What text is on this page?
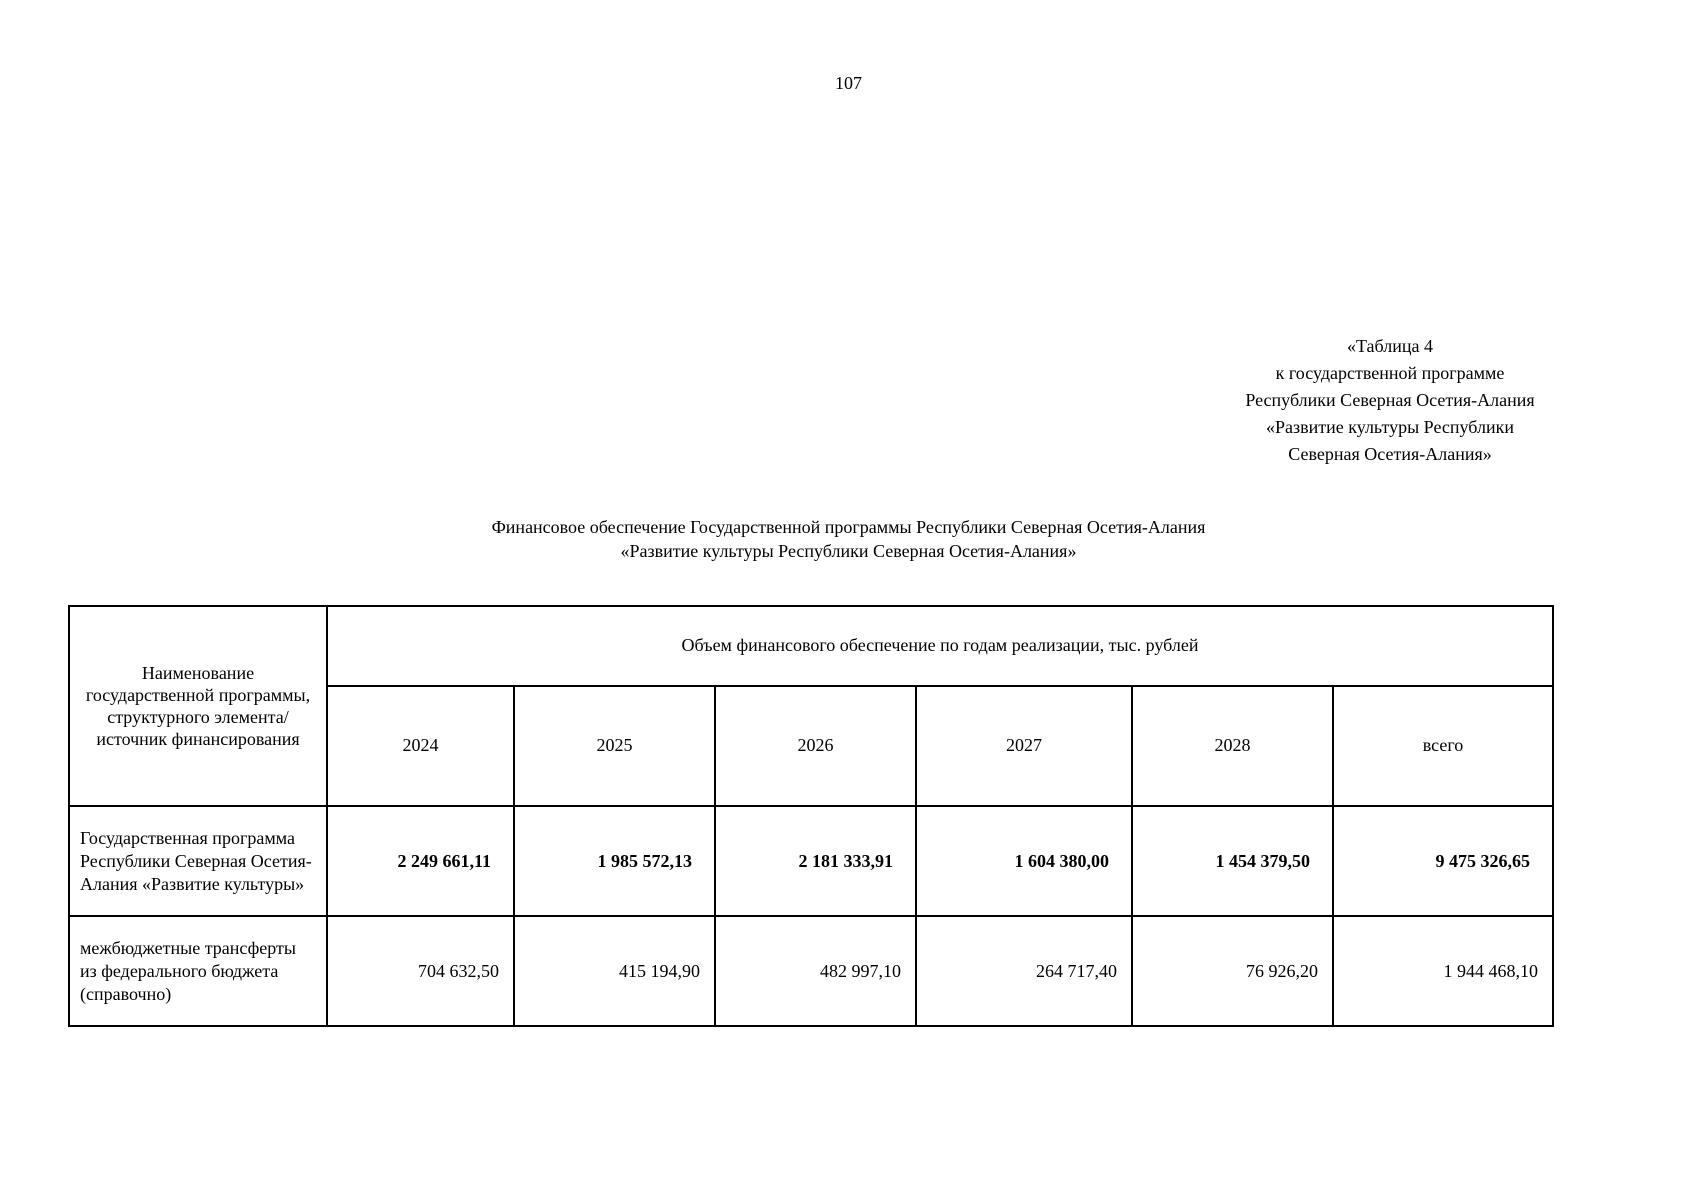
107
«Таблица 4
к государственной программе
Республики Северная Осетия-Алания
«Развитие культуры Республики
Северная Осетия-Алания»
Финансовое обеспечение Государственной программы Республики Северная Осетия-Алания
«Развитие культуры Республики Северная Осетия-Алания»
Наименование государственной программы, структурного элемента/источник финансирования	Объем финансового обеспечение по годам реализации, тыс. рублей					
	2024	2025	2026	2027	2028	всего
Государственная программа Республики Северная Осетия-Алания «Развитие культуры»	2 249 661,11	1 985 572,13	2 181 333,91	1 604 380,00	1 454 379,50	9 475 326,65
межбюджетные трансферты из федерального бюджета (справочно)	704 632,50	415 194,90	482 997,10	264 717,40	76 926,20	1 944 468,10
